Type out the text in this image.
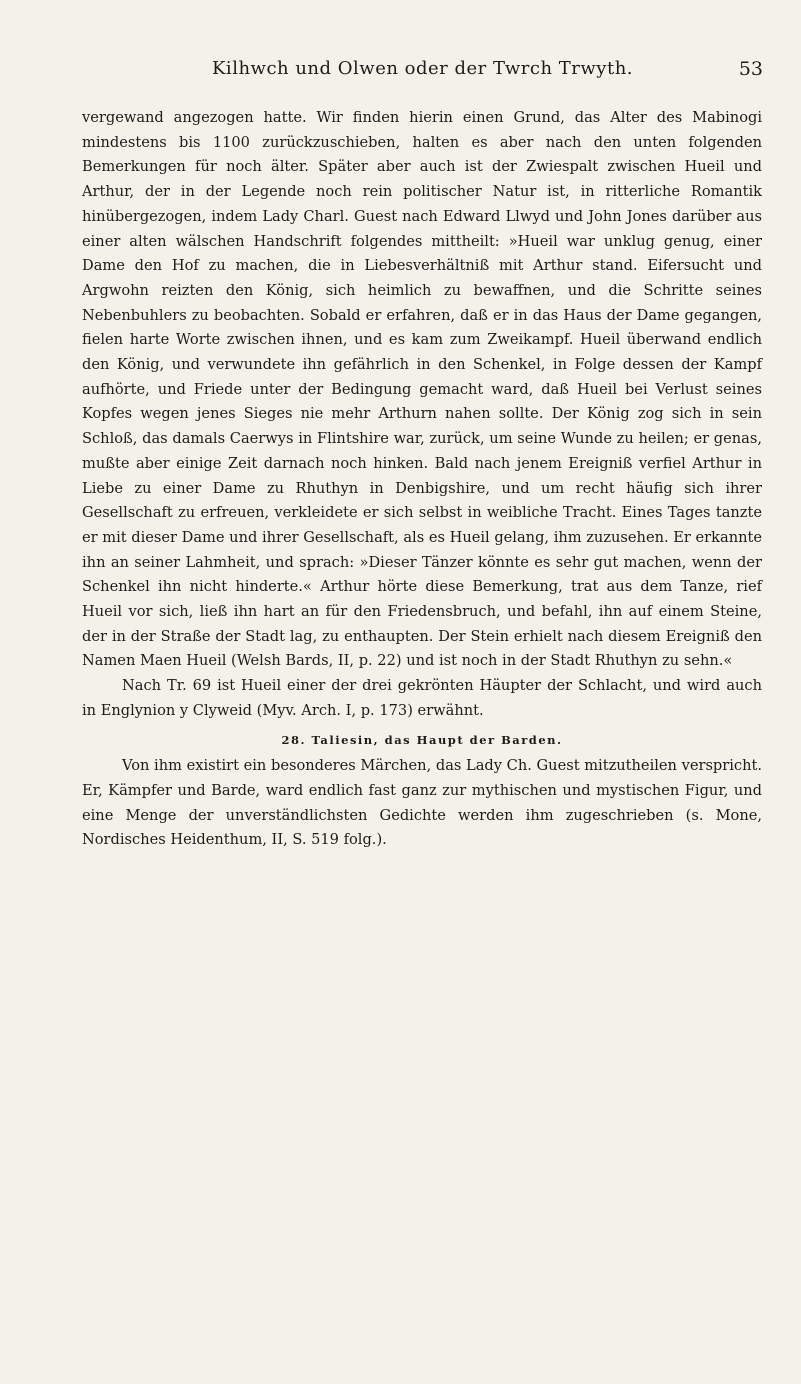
Kilhwch und Olwen oder der Twrch Trwyth.	53

vergewand angezogen hatte. Wir finden hierin einen Grund, das Alter des Mabinogi mindestens bis 1100 zurückzuschieben, halten es aber nach den unten folgenden Bemerkungen für noch älter. Später aber auch ist der Zwiespalt zwischen Hueil und Arthur, der in der Legende noch rein politischer Natur ist, in ritterliche Romantik hinübergezogen, indem Lady Charl. Guest nach Edward Llwyd und John Jones darüber aus einer alten wälschen Handschrift folgendes mittheilt: »Hueil war unklug genug, einer Dame den Hof zu machen, die in Liebesverhältniß mit Arthur stand. Eifersucht und Argwohn reizten den König, sich heimlich zu bewaffnen, und die Schritte seines Nebenbuhlers zu beobachten. Sobald er erfahren, daß er in das Haus der Dame gegangen, fielen harte Worte zwischen ihnen, und es kam zum Zweikampf. Hueil überwand endlich den König, und verwundete ihn gefährlich in den Schenkel, in Folge dessen der Kampf aufhörte, und Friede unter der Bedingung gemacht ward, daß Hueil bei Verlust seines Kopfes wegen jenes Sieges nie mehr Arthurn nahen sollte. Der König zog sich in sein Schloß, das damals Caerwys in Flintshire war, zurück, um seine Wunde zu heilen; er genas, mußte aber einige Zeit darnach noch hinken. Bald nach jenem Ereigniß verfiel Arthur in Liebe zu einer Dame zu Rhuthyn in Denbigshire, und um recht häufig sich ihrer Gesellschaft zu erfreuen, verkleidete er sich selbst in weibliche Tracht. Eines Tages tanzte er mit dieser Dame und ihrer Gesellschaft, als es Hueil gelang, ihm zuzusehen. Er erkannte ihn an seiner Lahmheit, und sprach: »Dieser Tänzer könnte es sehr gut machen, wenn der Schenkel ihn nicht hinderte.« Arthur hörte diese Bemerkung, trat aus dem Tanze, rief Hueil vor sich, ließ ihn hart an für den Friedensbruch, und befahl, ihn auf einem Steine, der in der Straße der Stadt lag, zu enthaupten. Der Stein erhielt nach diesem Ereigniß den Namen Maen Hueil (Welsh Bards, II, p. 22) und ist noch in der Stadt Rhuthyn zu sehn.«

Nach Tr. 69 ist Hueil einer der drei gekrönten Häupter der Schlacht, und wird auch in Englynion y Clyweid (Myv. Arch. I, p. 173) erwähnt.

28. Taliesin, das Haupt der Barden.

Von ihm existirt ein besonderes Märchen, das Lady Ch. Guest mitzutheilen verspricht. Er, Kämpfer und Barde, ward endlich fast ganz zur mythischen und mystischen Figur, und eine Menge der unverständlichsten Gedichte werden ihm zugeschrieben (s. Mone, Nordisches Heidenthum, II, S. 519 folg.).
